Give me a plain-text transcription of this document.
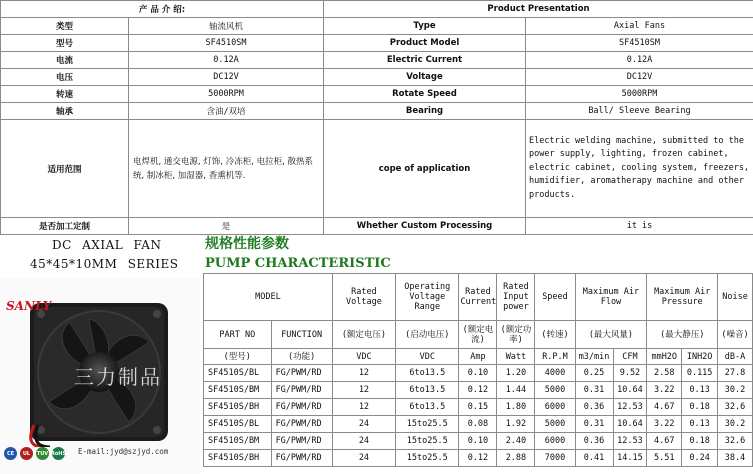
产 品 介 绍:		Product Presentation	
类型	轴流风机	Type	Axial Fans
型号	SF4510SM	Product Model	SF4510SM
电流	0.12A	Electric Current	0.12A
电压	DC12V	Voltage	DC12V
转速	5000RPM	Rotate Speed	5000RPM
轴承	含油/双培	Bearing	Ball/ Sleeve Bearing
适用范围	电焊机, 通交电源, 灯饰, 冷冻柜, 电拉柜, 散热系统, 制冰柜, 加湿器, 香熏机等.	cope of application	Electric welding machine, submitted to the power supply, lighting, frozen cabinet, electric cabinet, cooling system, freezers, humidifier, aromatherapy machine and other products.
是否加工定制	是	Whether Custom Processing	it is
DC AXIAL FAN
45*45*10MM SERIES
规格性能参数
PUMP CHARACTERISTIC
SANLY
三力制品
CE	UL	TUV RoHS E-mail:jyd@szjyd.com
MODEL		Rated Voltage	Operating Voltage Range	Rated Current	Rated Input power	Speed	Maximum Air Flow		Maximum Air Pressure		Noise
PART NO	FUNCTION	(额定电压)	(启动电压)	(额定电流)	(额定功率)	(转速)	(最大风量)		(最大静压)		(噪音)
(型号)	(功能)	VDC	VDC	Amp	Watt	R.P.M	m3/min	CFM	mmH2O	INH2O	dB-A
SF4510S/BL	FG/PWM/RD	12	6to13.5	0.10	1.20	4000	0.25	9.52	2.58	0.115	27.8
SF4510S/BM	FG/PWM/RD	12	6to13.5	0.12	1.44	5000	0.31	10.64	3.22	0.13	30.2
SF4510S/BH	FG/PWM/RD	12	6to13.5	0.15	1.80	6000	0.36	12.53	4.67	0.18	32.6
SF4510S/BL	FG/PWM/RD	24	15to25.5	0.08	1.92	5000	0.31	10.64	3.22	0.13	30.2
SF4510S/BM	FG/PWM/RD	24	15to25.5	0.10	2.40	6000	0.36	12.53	4.67	0.18	32.6
SF4510S/BH	FG/PWM/RD	24	15to25.5	0.12	2.88	7000	0.41	14.15	5.51	0.24	38.4
